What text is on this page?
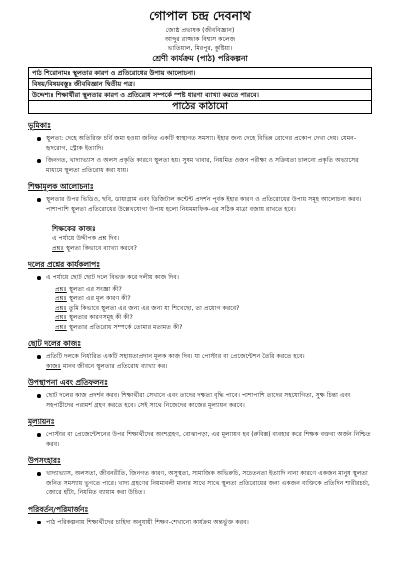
গোপাল চন্দ্র দেবনাথ
জ্যেষ্ঠ প্রভাষক (জীববিজ্ঞান)
আব্দুর রাজ্জাক বিশ্বাস কলেজ
ভাতিয়াল, মিরপুর, কুষ্টিয়া।
শ্রেণী কার্যক্রম (পাঠ) পরিকল্পনা
পাঠ শিরোনামঃ স্থূলতার কারণ ও প্রতিরোধের উপায় আলোচনা।
বিষয়/বিষয়বস্তুঃ জীববিজ্ঞান দ্বিতীয় পত্র।
উদ্দেশ্যঃ শিক্ষার্থীরা স্থূলতার কারণ ও প্রতিরোধ সম্পর্কে স্পষ্ট ধারণা ব্যাখ্যা করতে পারবে।
পাঠের কাঠামো
ভূমিকাঃ
স্থূলতা: দেহে অতিরিক্ত চর্বি জমা হওয়া জনিত একটি স্বাস্থ্যগত সমস্যা। ইহার জন্য দেহে বিভিন্ন রোগের প্রকোপ দেখা দেয়। যেমন- হৃদরোগ, স্ট্রোক ইত্যাদি।
জিনগত, খাদ্যাভ্যাস ও অলস প্রকৃতি কারণে স্থূলতা হয়। সুষম খাবার, নিয়মিত ওজন পরীক্ষা ও সক্রিয়তা চালনো প্রকৃতি অভ্যাসের মাধ্যমে স্থূলতা প্রতিরোধ করা যায়।
শিক্ষামূলক আলোচনাঃ
স্থূলতার উপর ভিডিও, ছবি, ডায়াগ্রাম এবং ডিজিটাল কন্টেন্ট প্রদর্শন পূর্বক ইহার কারণ ও প্রতিরোধের উপায় সমূহ আলোচনা করব। পাশাপাশি স্থূলতা প্রতিরোধের উল্লেখযোগ্য উপায় হলো নিয়মমাফিক-এর সঠিক মাত্রা বজায় রাখতে হবে।
শিক্ষকের কাজঃ
এ পর্যায়ে উদ্দীপক প্রশ্ন দিব।
প্রশ্নঃ স্থূলতা কিভাবে ব্যাখ্যা করবে?
দলের প্রশ্নের কার্যকলাপঃ
এ পর্যায়ে ছোট ছোট দলে বিভক্ত করে দলীয় কাজ দিব।
প্রশ্নঃ স্থূলতা এর সংজ্ঞা কী?
প্রশ্নঃ স্থূলতা এর মূল কারণ কী?
প্রশ্নঃ তুমি কিভাবে স্থূলতা এর জন্য এর জন্য যা শিখেছো, তা প্রয়োগ করবে?
প্রশ্নঃ স্থূলতার কারণসমূহ কী কী?
প্রশ্নঃ স্থূলতার প্রতিরোধ সম্পর্কে তোমার মতামত কী?
ছোট দলের কাজঃ
প্রতিটি দলকে নির্ধারিত একটি সহায়তাপ্রদান মূলক কাজ দিব। যা পোস্টার বা প্রেজেন্টেশন তৈরি করতে হবে।
কাজঃ মানব জীবনে স্থূলতার প্রতিরোধ ব্যাখ্যা কর।
উপস্থাপনা এবং প্রতিফলনঃ
ছোট দলের কাজ প্রদর্শন করব। শিক্ষার্থীরা সেখানে এবং তাদের দক্ষতা বৃদ্ধি পাবে। পাশাপাশি তাদের সহযোগিতা, সুক্ষ চিন্তা এবং সহপাঠীদের পরামর্শ গ্রহণ করতে হবে। সেই সাথে নিজেদের কাজের মূল্যায়ন করবে।
মূল্যায়নঃ
পোস্টার বা প্রেজেন্টেশনের উপর শিক্ষার্থীদের অংশগ্রহণ, বোঝাপড়া, এর মূল্যায়ণ হব (রুবিক্স) ব্যবহার করে শিক্ষক বক্তব্য অর্জন নিশ্চিত করব।
উপসংহারঃ
খাদ্যাভ্যাস, অলসতা, জীবনরীতি, জিনগত কারণ, অসুস্থতা, সামাজিক অভিরুচি, সচেতনতা ইত্যাদি নানা কারণে একজন মানুষ স্থূলতা জনিত সমস্যায় ভুগতে পারে। খাদ্য গ্রহণের নিয়মাবলী মানার সাথে সাথে স্থূলতা প্রতিরোধের জন্য একজন ব্যক্তিকে প্রতিদিন শারীরচর্চা, জোরে হাঁটা, নিয়মিত ব্যায়াম করা উচিত।
পরিবর্তন/পরিমার্জনঃ
পাঠ পরিকল্পনায় শিক্ষার্থীদের চাহিদা অনুযায়ী শিক্ষণ-শেখানো কার্যক্রম অন্তর্ভুক্ত করব।
